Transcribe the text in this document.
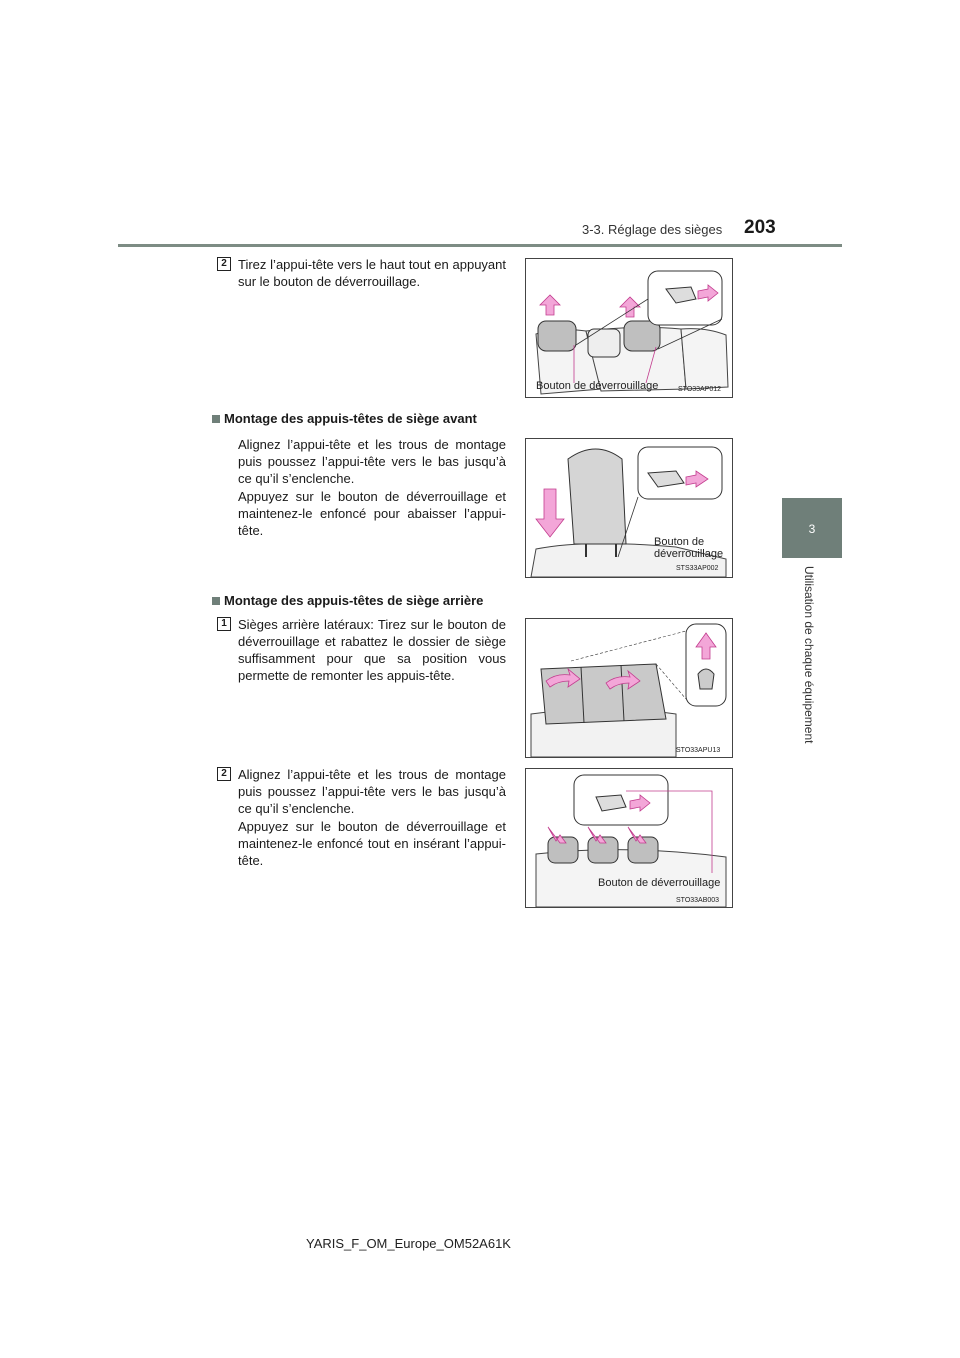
3-3. Réglage des sièges 203
3
Utilisation de chaque équipement
2 Tirez l’appui-tête vers le haut tout en appuyant sur le bouton de déverrouillage.
Bouton de déverrouillage	STO33AP012
Montage des appuis-têtes de siège avant
Alignez l’appui-tête et les trous de montage puis poussez l’appui-tête vers le bas jusqu’à ce qu’il s’enclenche.
Appuyez sur le bouton de déverrouillage et maintenez-le enfoncé pour abaisser l’appui-tête.
Bouton de
déverrouillage
STS33AP002
Montage des appuis-têtes de siège arrière
1 Sièges arrière latéraux: Tirez sur le bouton de déverrouillage et rabattez le dossier de siège suffisamment pour que sa position vous permette de remonter les appuis-tête.
STO33APU13
2 Alignez l’appui-tête et les trous de montage puis poussez l’appui-tête vers le bas jusqu’à ce qu’il s’enclenche.
Appuyez sur le bouton de déverrouillage et maintenez-le enfoncé tout en insérant l’appui-tête.
Bouton de déverrouillage
STO33AB003
YARIS_F_OM_Europe_OM52A61K
